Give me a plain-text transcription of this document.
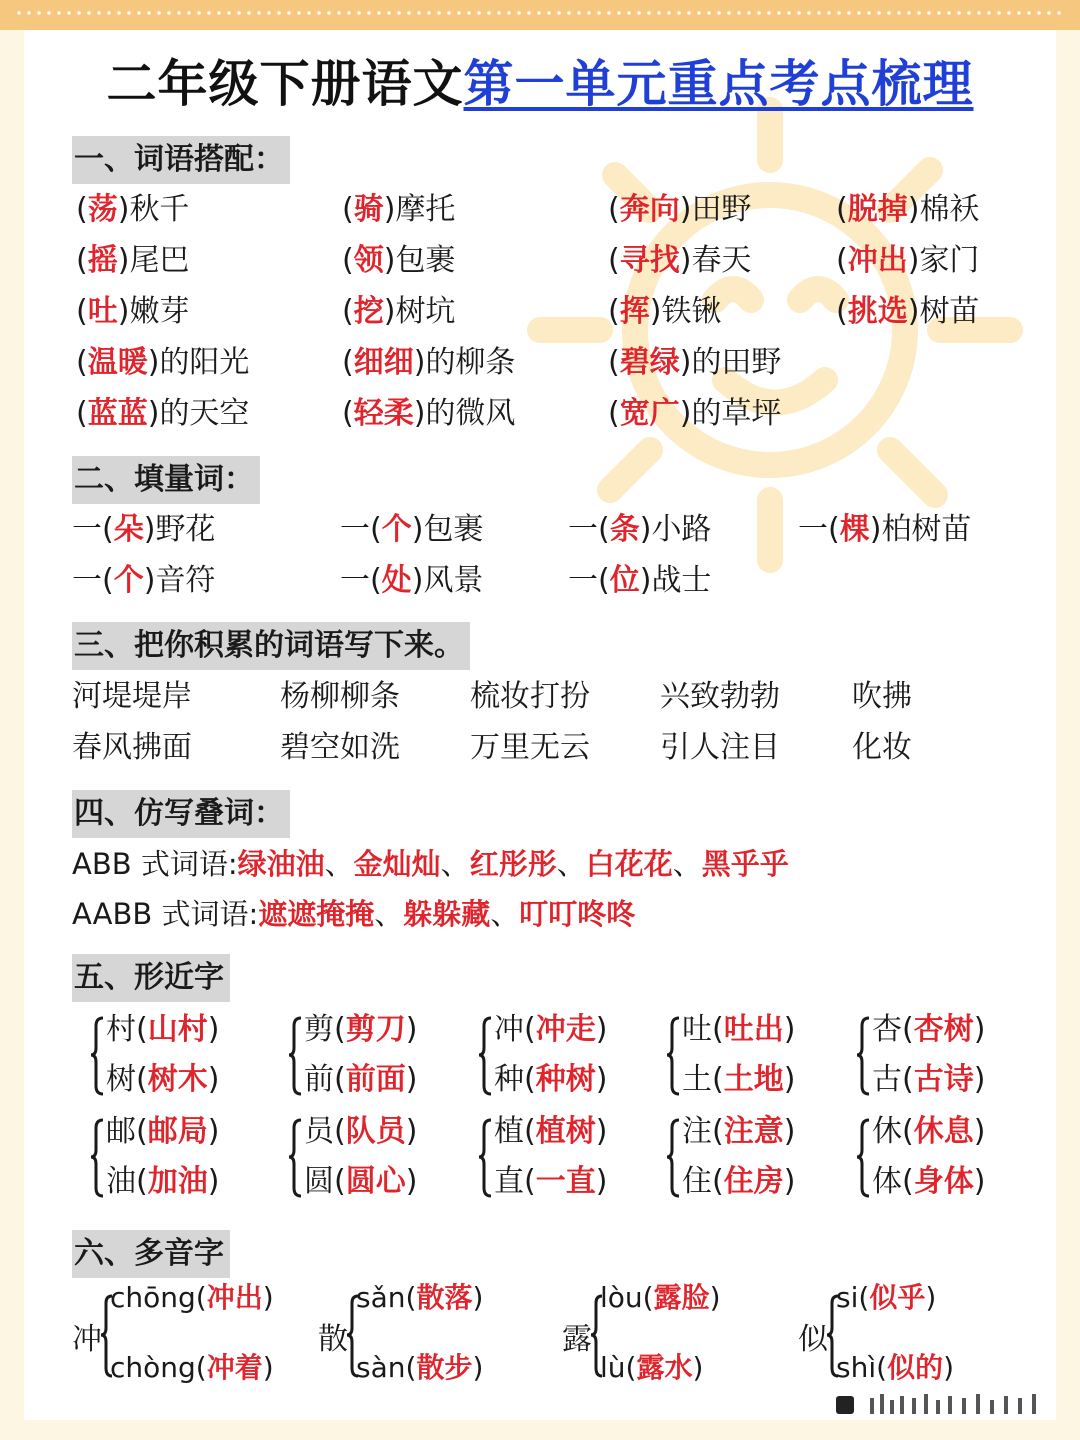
二年级下册语文第一单元重点考点梳理
一、词语搭配：
(荡)秋千	(骑)摩托	(奔向)田野	(脱掉)棉袄
(摇)尾巴	(领)包裹	(寻找)春天	(冲出)家门
(吐)嫩芽	(挖)树坑	(挥)铁锹	(挑选)树苗
(温暖)的阳光	(细细)的柳条	(碧绿)的田野
(蓝蓝)的天空	(轻柔)的微风	(宽广)的草坪
二、填量词：
一(朵)野花	一(个)包裹	一(条)小路	一(棵)柏树苗
一(个)音符	一(处)风景	一(位)战士
三、把你积累的词语写下来。
河堤堤岸	杨柳柳条 梳妆打扮 兴致勃勃 吹拂
春风拂面	碧空如洗 万里无云 引人注目 化妆
四、仿写叠词：
ABB 式词语:绿油油、金灿灿、红彤彤、白花花、黑乎乎
AABB 式词语:遮遮掩掩、躲躲藏、叮叮咚咚
五、形近字
村(山村)
树(树木)
剪(剪刀)
前(前面)
冲(冲走)
种(种树)
吐(吐出)
土(土地)
杏(杏树)
古(古诗)
邮(邮局)
油(加油)
员(队员)
圆(圆心)
植(植树)
直(一直)
注(注意)
住(住房)
休(休息)
体(身体)
六、多音字
冲
chōng(冲出)
chòng(冲着)
散
sǎn(散落)
sàn(散步)
露
lòu(露脸)
lù(露水)
似
si(似乎)
shì(似的)
